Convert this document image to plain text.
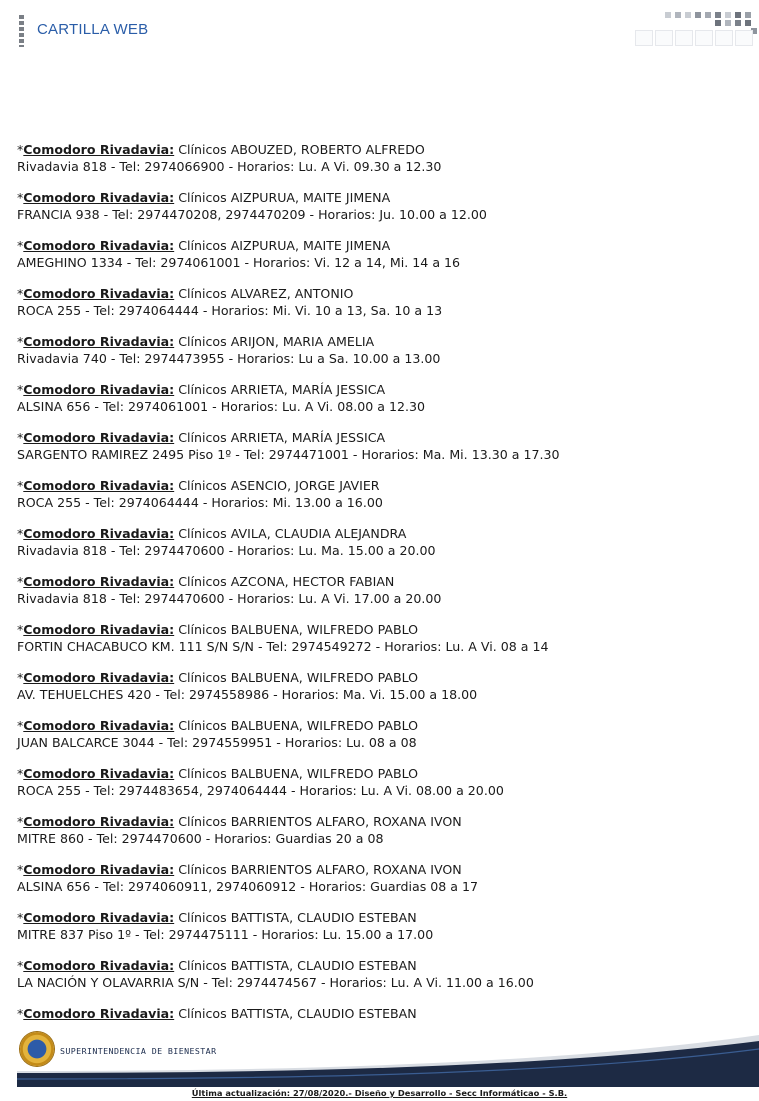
CARTILLA WEB
*Comodoro Rivadavia: Clínicos ABOUZED, ROBERTO ALFREDO
Rivadavia 818 - Tel: 2974066900 - Horarios: Lu. A Vi. 09.30 a 12.30
*Comodoro Rivadavia: Clínicos AIZPURUA, MAITE JIMENA
FRANCIA 938 - Tel: 2974470208, 2974470209 - Horarios: Ju. 10.00 a 12.00
*Comodoro Rivadavia: Clínicos AIZPURUA, MAITE JIMENA
AMEGHINO 1334 - Tel: 2974061001 - Horarios: Vi. 12 a 14, Mi. 14 a 16
*Comodoro Rivadavia: Clínicos ALVAREZ, ANTONIO
ROCA 255 - Tel: 2974064444 - Horarios: Mi. Vi. 10 a 13, Sa. 10 a 13
*Comodoro Rivadavia: Clínicos ARIJON, MARIA AMELIA
Rivadavia 740 - Tel: 2974473955 - Horarios: Lu a Sa. 10.00 a 13.00
*Comodoro Rivadavia: Clínicos ARRIETA, MARÍA JESSICA
ALSINA 656 - Tel: 2974061001 - Horarios: Lu. A Vi. 08.00 a 12.30
*Comodoro Rivadavia: Clínicos ARRIETA, MARÍA JESSICA
SARGENTO RAMIREZ 2495 Piso 1º - Tel: 2974471001 - Horarios: Ma. Mi. 13.30 a 17.30
*Comodoro Rivadavia: Clínicos ASENCIO, JORGE JAVIER
ROCA 255 - Tel: 2974064444 - Horarios: Mi. 13.00 a 16.00
*Comodoro Rivadavia: Clínicos AVILA, CLAUDIA ALEJANDRA
Rivadavia 818 - Tel: 2974470600 - Horarios: Lu. Ma. 15.00 a 20.00
*Comodoro Rivadavia: Clínicos AZCONA, HECTOR FABIAN
Rivadavia 818 - Tel: 2974470600 - Horarios: Lu. A Vi. 17.00 a 20.00
*Comodoro Rivadavia: Clínicos BALBUENA, WILFREDO PABLO
FORTIN CHACABUCO KM. 111 S/N S/N - Tel: 2974549272 - Horarios: Lu. A Vi. 08 a 14
*Comodoro Rivadavia: Clínicos BALBUENA, WILFREDO PABLO
AV. TEHUELCHES 420 - Tel: 2974558986 - Horarios: Ma. Vi. 15.00 a 18.00
*Comodoro Rivadavia: Clínicos BALBUENA, WILFREDO PABLO
JUAN BALCARCE 3044 - Tel: 2974559951 - Horarios: Lu. 08 a 08
*Comodoro Rivadavia: Clínicos BALBUENA, WILFREDO PABLO
ROCA 255 - Tel: 2974483654, 2974064444 - Horarios: Lu. A Vi. 08.00 a 20.00
*Comodoro Rivadavia: Clínicos BARRIENTOS ALFARO, ROXANA IVON
MITRE 860 - Tel: 2974470600 - Horarios: Guardias 20 a 08
*Comodoro Rivadavia: Clínicos BARRIENTOS ALFARO, ROXANA IVON
ALSINA 656 - Tel: 2974060911, 2974060912 - Horarios: Guardias 08 a 17
*Comodoro Rivadavia: Clínicos BATTISTA, CLAUDIO ESTEBAN
MITRE 837 Piso 1º - Tel: 2974475111 - Horarios: Lu. 15.00 a 17.00
*Comodoro Rivadavia: Clínicos BATTISTA, CLAUDIO ESTEBAN
LA NACIÓN Y OLAVARRIA S/N - Tel: 2974474567 - Horarios: Lu. A Vi. 11.00 a 16.00
*Comodoro Rivadavia: Clínicos BATTISTA, CLAUDIO ESTEBAN
SUPERINTENDENCIA DE BIENESTAR
Última actualización: 27/08/2020.- Diseño y Desarrollo - Secc Informáticao - S.B.
